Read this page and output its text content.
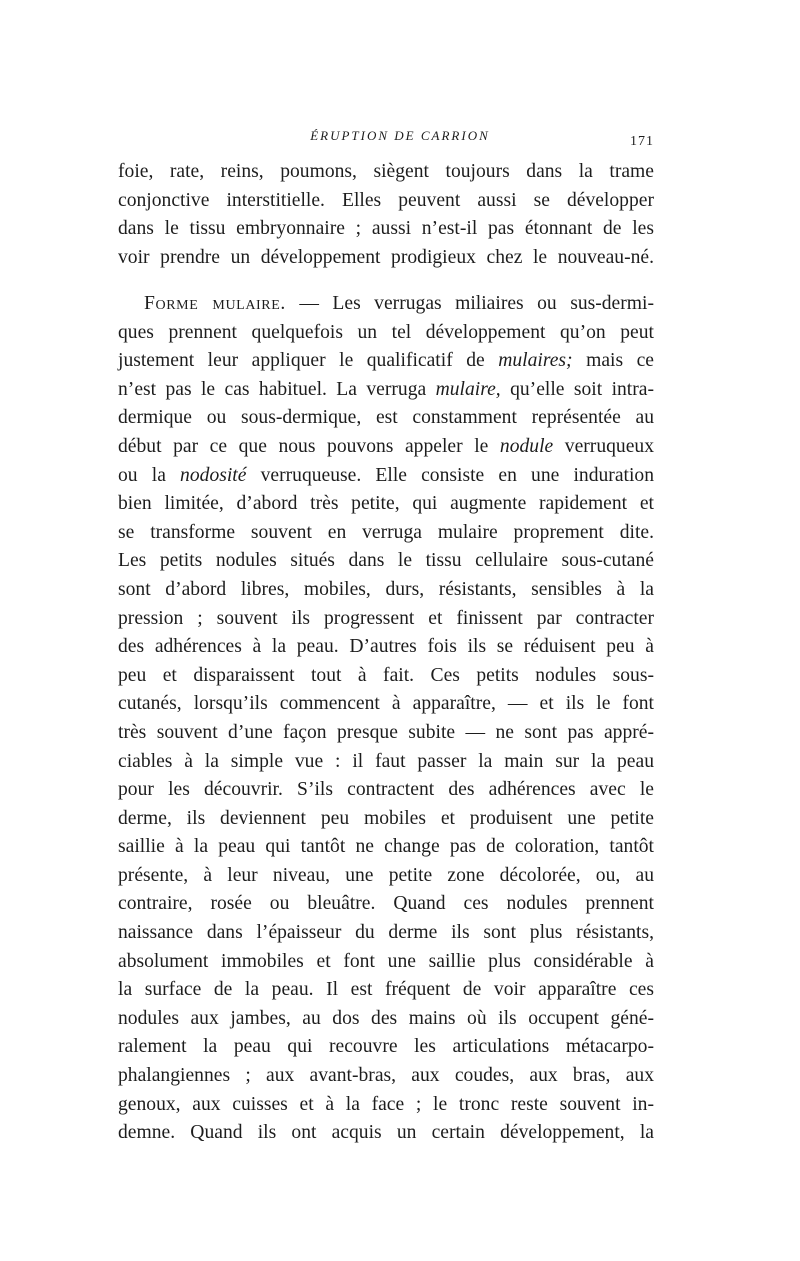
ÉRUPTION DE CARRION	171
foie, rate, reins, poumons, siègent toujours dans la trame
conjonctive interstitielle. Elles peuvent aussi se développer
dans le tissu embryonnaire ; aussi n’est-il pas étonnant de les
voir prendre un développement prodigieux chez le nouveau-né.
Forme mulaire. — Les verrugas miliaires ou sus-dermi-
ques prennent quelquefois un tel développement qu’on peut
justement leur appliquer le qualificatif de mulaires; mais ce
n’est pas le cas habituel. La verruga mulaire, qu’elle soit intra-
dermique ou sous-dermique, est constamment représentée au
début par ce que nous pouvons appeler le nodule verruqueux
ou la nodosité verruqueuse. Elle consiste en une induration
bien limitée, d’abord très petite, qui augmente rapidement et
se transforme souvent en verruga mulaire proprement dite.
Les petits nodules situés dans le tissu cellulaire sous-cutané
sont d’abord libres, mobiles, durs, résistants, sensibles à la
pression ; souvent ils progressent et finissent par contracter
des adhérences à la peau. D’autres fois ils se réduisent peu à
peu et disparaissent tout à fait. Ces petits nodules sous-
cutanés, lorsqu’ils commencent à apparaître, — et ils le font
très souvent d’une façon presque subite — ne sont pas appré-
ciables à la simple vue : il faut passer la main sur la peau
pour les découvrir. S’ils contractent des adhérences avec le
derme, ils deviennent peu mobiles et produisent une petite
saillie à la peau qui tantôt ne change pas de coloration, tantôt
présente, à leur niveau, une petite zone décolorée, ou, au
contraire, rosée ou bleuâtre. Quand ces nodules prennent
naissance dans l’épaisseur du derme ils sont plus résistants,
absolument immobiles et font une saillie plus considérable à
la surface de la peau. Il est fréquent de voir apparaître ces
nodules aux jambes, au dos des mains où ils occupent géné-
ralement la peau qui recouvre les articulations métacarpo-
phalangiennes ; aux avant-bras, aux coudes, aux bras, aux
genoux, aux cuisses et à la face ; le tronc reste souvent in-
demne. Quand ils ont acquis un certain développement, la
